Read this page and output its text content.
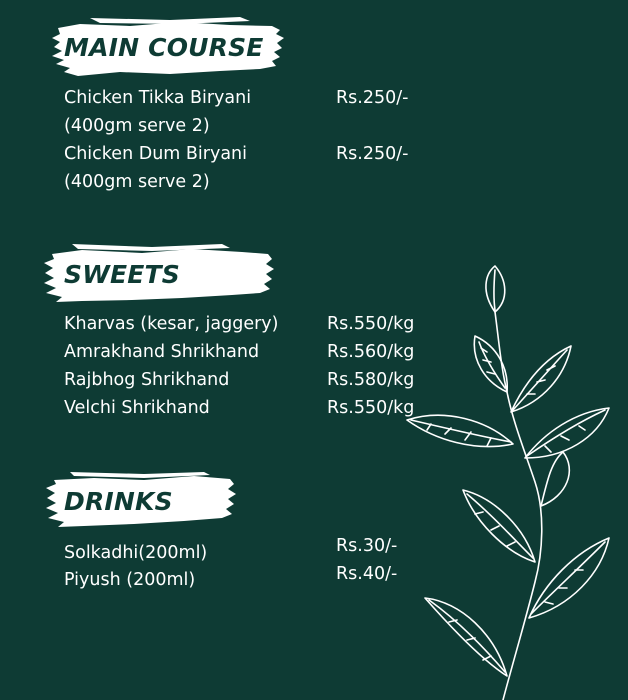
MAIN COURSE
Chicken Tikka Biryani
(400gm serve 2)
Rs.250/-
Chicken Dum Biryani
(400gm serve 2)
Rs.250/-
SWEETS
Kharvas (kesar, jaggery)	Rs.550/kg
Amrakhand Shrikhand	Rs.560/kg
Rajbhog Shrikhand	Rs.580/kg
Velchi Shrikhand	Rs.550/kg
DRINKS
Solkadhi(200ml)	Rs.30/-
Piyush (200ml)	Rs.40/-
